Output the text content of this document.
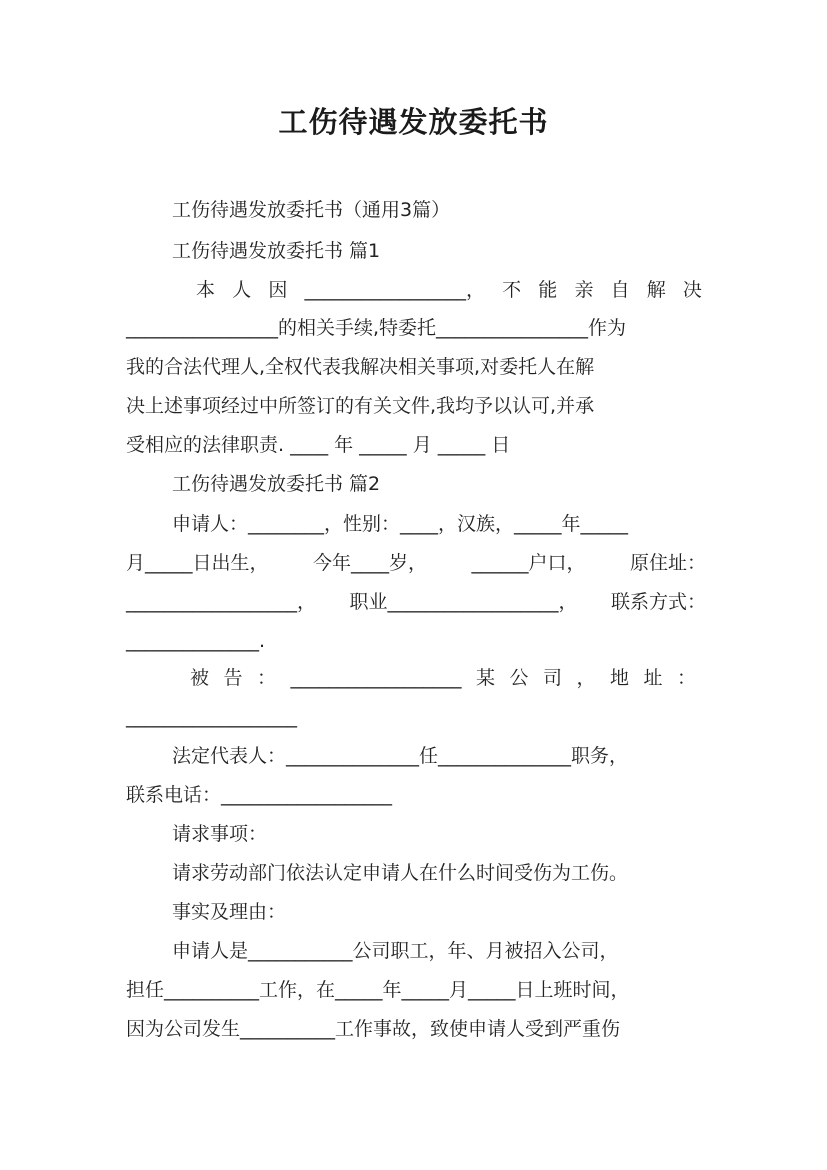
工伤待遇发放委托书
工伤待遇发放委托书（通用3篇）
工伤待遇发放委托书 篇1
本 人 因 _________________， 不 能 亲 自 解 决
________________的相关手续,特委托________________作为
我的合法代理人,全权代表我解决相关事项,对委托人在解
决上述事项经过中所签订的有关文件,我均予以认可,并承
受相应的法律职责. ____ 年 _____ 月 _____ 日
工伤待遇发放委托书 篇2
申请人：________，性别：____，汉族，_____年_____
月_____日出生， 今年____岁， ______户口， 原住址：
__________________， 职业__________________， 联系方式：
______________.
被 告 ： __________________ 某 公 司 ， 地 址 ：
__________________
法定代表人：______________任______________职务，
联系电话：__________________
请求事项：
请求劳动部门依法认定申请人在什么时间受伤为工伤。
事实及理由：
申请人是___________公司职工，年、月被招入公司，
担任__________工作，在_____年_____月_____日上班时间，
因为公司发生__________工作事故，致使申请人受到严重伤
